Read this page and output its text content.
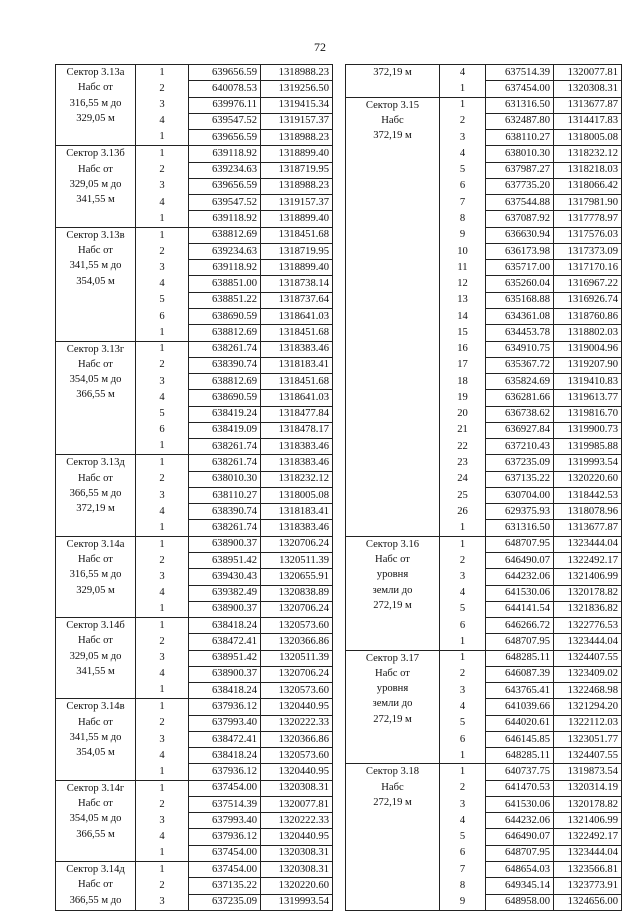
72
Сектор 3.13а
Набс от
316,55 м до
329,05 м	1	639656.59	1318988.23
	2	640078.53	1319256.50
	3	639976.11	1319415.34
	4	639547.52	1319157.37
	1	639656.59	1318988.23

Сектор 3.13б
Набс от
329,05 м до
341,55 м	1	639118.92	1318899.40
	2	639234.63	1318719.95
	3	639656.59	1318988.23
	4	639547.52	1319157.37
	1	639118.92	1318899.40

Сектор 3.13в
Набс от
341,55 м до
354,05 м	1	638812.69	1318451.68
	2	639234.63	1318719.95
	3	639118.92	1318899.40
	4	638851.00	1318738.14
	5	638851.22	1318737.64
	6	638690.59	1318641.03
	1	638812.69	1318451.68

Сектор 3.13г
Набс от
354,05 м до
366,55 м	1	638261.74	1318383.46
	2	638390.74	1318183.41
	3	638812.69	1318451.68
	4	638690.59	1318641.03
	5	638419.24	1318477.84
	6	638419.09	1318478.17
	1	638261.74	1318383.46

Сектор 3.13д
Набс от
366,55 м до
372,19 м	1	638261.74	1318383.46
	2	638010.30	1318232.12
	3	638110.27	1318005.08
	4	638390.74	1318183.41
	1	638261.74	1318383.46

Сектор 3.14а
Набс от
316,55 м до
329,05 м	1	638900.37	1320706.24
	2	638951.42	1320511.39
	3	639430.43	1320655.91
	4	639382.49	1320838.89
	1	638900.37	1320706.24

Сектор 3.14б
Набс от
329,05 м до
341,55 м	1	638418.24	1320573.60
	2	638472.41	1320366.86
	3	638951.42	1320511.39
	4	638900.37	1320706.24
	1	638418.24	1320573.60

Сектор 3.14в
Набс от
341,55 м до
354,05 м	1	637936.12	1320440.95
	2	637993.40	1320222.33
	3	638472.41	1320366.86
	4	638418.24	1320573.60
	1	637936.12	1320440.95

Сектор 3.14г
Набс от
354,05 м до
366,55 м	1	637454.00	1320308.31
	2	637514.39	1320077.81
	3	637993.40	1320222.33
	4	637936.12	1320440.95
	1	637454.00	1320308.31

Сектор 3.14д
Набс от
366,55 м до	1	637454.00	1320308.31
	2	637135.22	1320220.60
	3	637235.09	1319993.54
372,19 м	4	637514.39	1320077.81
	1	637454.00	1320308.31

Сектор 3.15
Набс
372,19 м	1	631316.50	1313677.87
	2	632487.80	1314417.83
	3	638110.27	1318005.08
	4	638010.30	1318232.12
	5	637987.27	1318218.03
	6	637735.20	1318066.42
	7	637544.88	1317981.90
	8	637087.92	1317778.97
	9	636630.94	1317576.03
	10	636173.98	1317373.09
	11	635717.00	1317170.16
	12	635260.04	1316967.22
	13	635168.88	1316926.74
	14	634361.08	1318760.86
	15	634453.78	1318802.03
	16	634910.75	1319004.96
	17	635367.72	1319207.90
	18	635824.69	1319410.83
	19	636281.66	1319613.77
	20	636738.62	1319816.70
	21	636927.84	1319900.73
	22	637210.43	1319985.88
	23	637235.09	1319993.54
	24	637135.22	1320220.60
	25	630704.00	1318442.53
	26	629375.93	1318078.96
	1	631316.50	1313677.87

Сектор 3.16
Набс от
уровня
земли до
272,19 м	1	648707.95	1323444.04
	2	646490.07	1322492.17
	3	644232.06	1321406.99
	4	641530.06	1320178.82
	5	644141.54	1321836.82
	6	646266.72	1322776.53
	1	648707.95	1323444.04

Сектор 3.17
Набс от
уровня
земли до
272,19 м	1	648285.11	1324407.55
	2	646087.39	1323409.02
	3	643765.41	1322468.98
	4	641039.66	1321294.20
	5	644020.61	1322112.03
	6	646145.85	1323051.77
	1	648285.11	1324407.55

Сектор 3.18
Набс
272,19 м	1	640737.75	1319873.54
	2	641470.53	1320314.19
	3	641530.06	1320178.82
	4	644232.06	1321406.99
	5	646490.07	1322492.17
	6	648707.95	1323444.04
	7	648654.03	1323566.81
	8	649345.14	1323773.91
	9	648958.00	1324656.00
